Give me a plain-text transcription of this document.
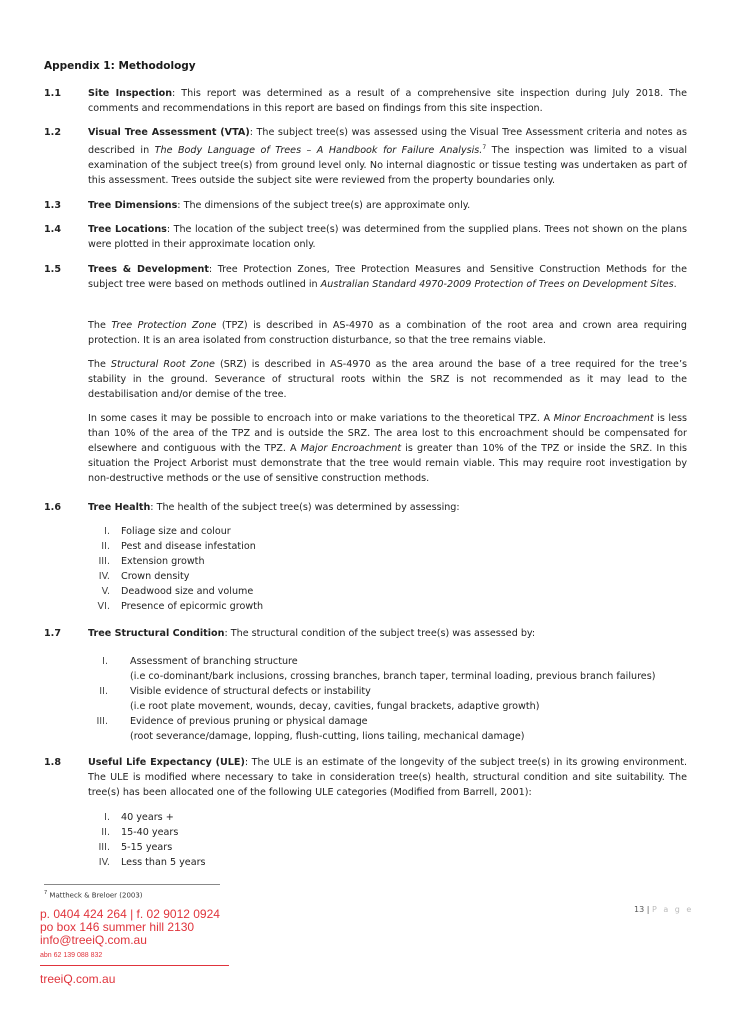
Appendix 1: Methodology
1.1	Site Inspection: This report was determined as a result of a comprehensive site inspection during July 2018. The comments and recommendations in this report are based on findings from this site inspection.
1.2	Visual Tree Assessment (VTA): The subject tree(s) was assessed using the Visual Tree Assessment criteria and notes as described in The Body Language of Trees – A Handbook for Failure Analysis.$^7$ The inspection was limited to a visual examination of the subject tree(s) from ground level only. No internal diagnostic or tissue testing was undertaken as part of this assessment. Trees outside the subject site were reviewed from the property boundaries only.
1.3	Tree Dimensions: The dimensions of the subject tree(s) are approximate only.
1.4	Tree Locations: The location of the subject tree(s) was determined from the supplied plans. Trees not shown on the plans were plotted in their approximate location only.
1.5	Trees & Development: Tree Protection Zones, Tree Protection Measures and Sensitive Construction Methods for the subject tree were based on methods outlined in Australian Standard 4970-2009 Protection of Trees on Development Sites.
The Tree Protection Zone (TPZ) is described in AS-4970 as a combination of the root area and crown area requiring protection. It is an area isolated from construction disturbance, so that the tree remains viable.
The Structural Root Zone (SRZ) is described in AS-4970 as the area around the base of a tree required for the tree’s stability in the ground. Severance of structural roots within the SRZ is not recommended as it may lead to the destabilisation and/or demise of the tree.
In some cases it may be possible to encroach into or make variations to the theoretical TPZ. A Minor Encroachment is less than 10% of the area of the TPZ and is outside the SRZ. The area lost to this encroachment should be compensated for elsewhere and contiguous with the TPZ. A Major Encroachment is greater than 10% of the TPZ or inside the SRZ. In this situation the Project Arborist must demonstrate that the tree would remain viable. This may require root investigation by non-destructive methods or the use of sensitive construction methods.
1.6	Tree Health: The health of the subject tree(s) was determined by assessing:
I. Foliage size and colour
II. Pest and disease infestation
III. Extension growth
IV. Crown density
V. Deadwood size and volume
VI. Presence of epicormic growth
1.7	Tree Structural Condition: The structural condition of the subject tree(s) was assessed by:
I. Assessment of branching structure
(i.e co-dominant/bark inclusions, crossing branches, branch taper, terminal loading, previous branch failures)
II. Visible evidence of structural defects or instability
(i.e root plate movement, wounds, decay, cavities, fungal brackets, adaptive growth)
III. Evidence of previous pruning or physical damage
(root severance/damage, lopping, flush-cutting, lions tailing, mechanical damage)
1.8	Useful Life Expectancy (ULE): The ULE is an estimate of the longevity of the subject tree(s) in its growing environment. The ULE is modified where necessary to take in consideration tree(s) health, structural condition and site suitability. The tree(s) has been allocated one of the following ULE categories (Modified from Barrell, 2001):
I. 40 years +
II. 15-40 years
III. 5-15 years
IV. Less than 5 years
$^7$ Mattheck & Breloer (2003)
p. 0404 424 264 | f. 02 9012 0924
po box 146 summer hill 2130
info@treeiQ.com.au
abn 62 139 088 832
treeiQ.com.au
13 | P a g e
